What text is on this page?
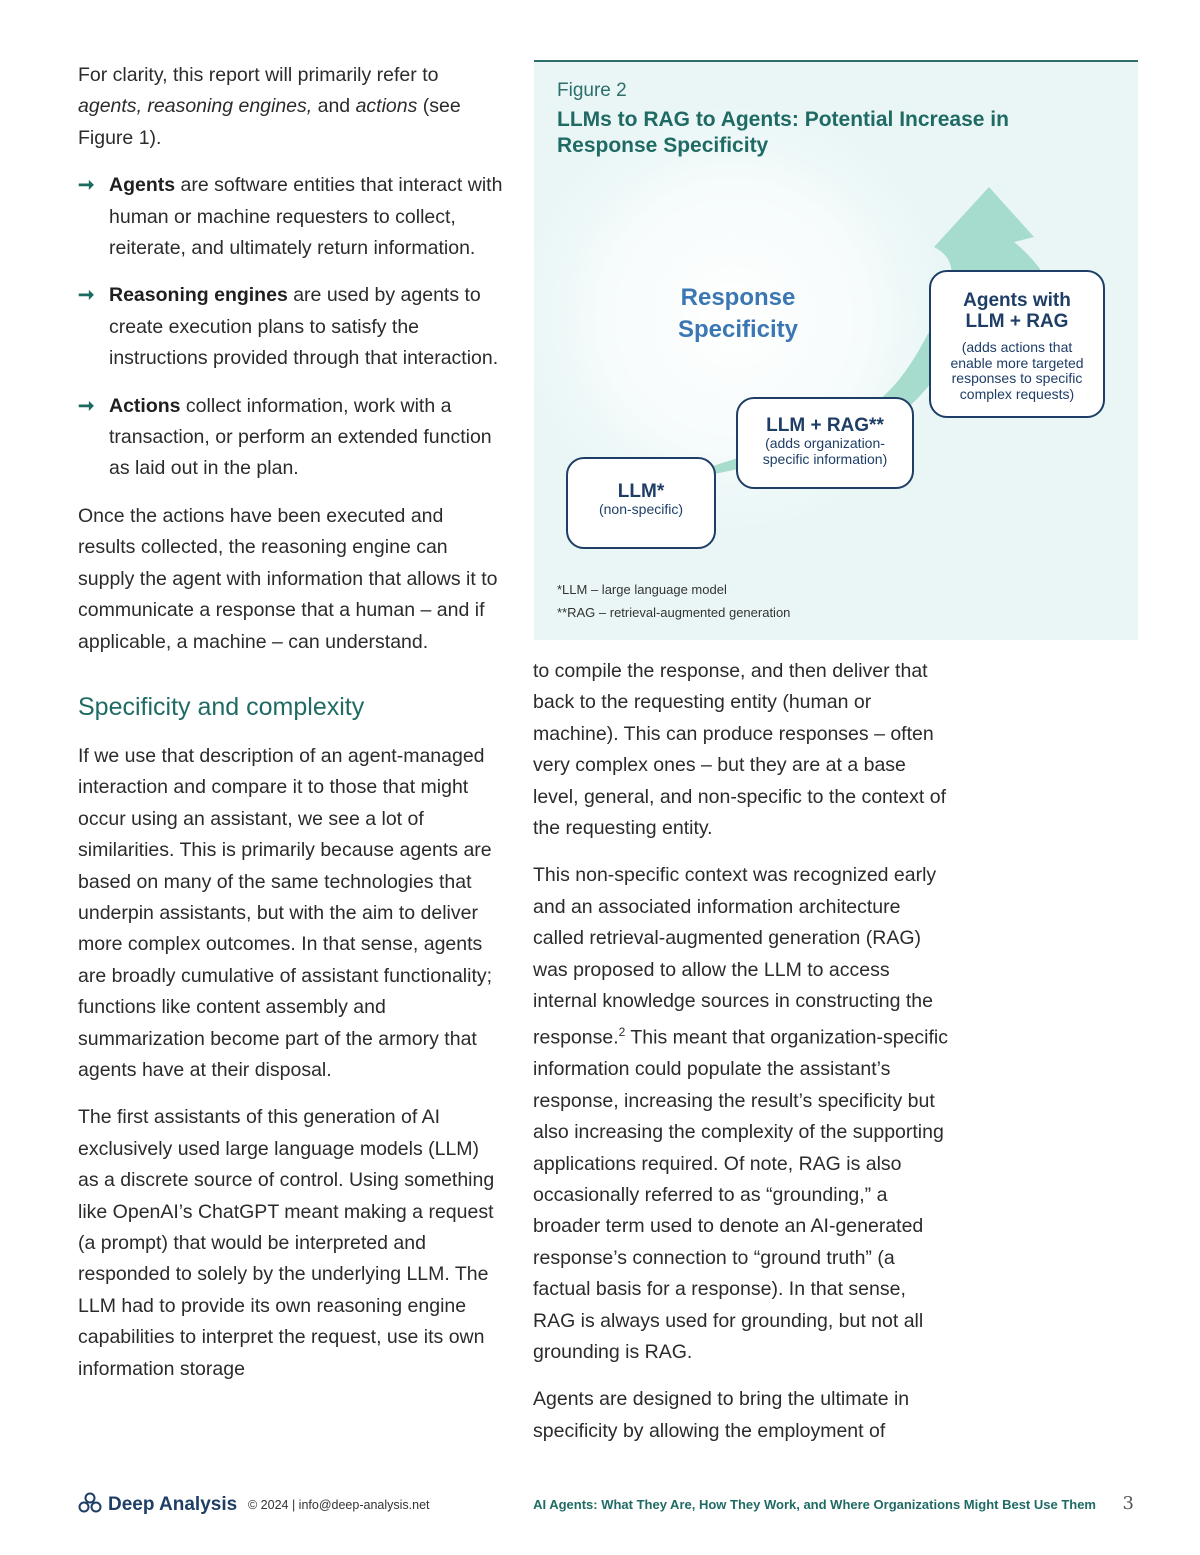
For clarity, this report will primarily refer to agents, reasoning engines, and actions (see Figure 1).

➞ Agents are software entities that interact with human or machine requesters to collect, reiterate, and ultimately return information.
➞ Reasoning engines are used by agents to create execution plans to satisfy the instructions provided through that interaction.
➞ Actions collect information, work with a transaction, or perform an extended function as laid out in the plan.

Once the actions have been executed and results collected, the reasoning engine can supply the agent with information that allows it to communicate a response that a human – and if applicable, a machine – can understand.

Specificity and complexity

If we use that description of an agent-managed interaction and compare it to those that might occur using an assistant, we see a lot of similarities. This is primarily because agents are based on many of the same technologies that underpin assistants, but with the aim to deliver more complex outcomes. In that sense, agents are broadly cumulative of assistant functionality; functions like content assembly and summarization become part of the armory that agents have at their disposal.

The first assistants of this generation of AI exclusively used large language models (LLM) as a discrete source of control. Using something like OpenAI’s ChatGPT meant making a request (a prompt) that would be interpreted and responded to solely by the underlying LLM. The LLM had to provide its own reasoning engine capabilities to interpret the request, use its own information storage

Figure 2
LLMs to RAG to Agents: Potential Increase in Response Specificity
Response
Specificity
LLM*
(non-specific)
LLM + RAG**
(adds organization-specific information)
Agents with LLM + RAG
(adds actions that enable more targeted responses to specific complex requests)
*LLM – large language model
**RAG – retrieval-augmented generation

to compile the response, and then deliver that back to the requesting entity (human or machine). This can produce responses – often very complex ones – but they are at a base level, general, and non-specific to the context of the requesting entity.

This non-specific context was recognized early and an associated information architecture called retrieval-augmented generation (RAG) was proposed to allow the LLM to access internal knowledge sources in constructing the response.$^2$ This meant that organization-specific information could populate the assistant’s response, increasing the result’s specificity but also increasing the complexity of the supporting applications required. Of note, RAG is also occasionally referred to as “grounding,” a broader term used to denote an AI-generated response’s connection to “ground truth” (a factual basis for a response). In that sense, RAG is always used for grounding, but not all grounding is RAG.

Agents are designed to bring the ultimate in specificity by allowing the employment of

Deep Analysis © 2024 | info@deep-analysis.net	AI Agents: What They Are, How They Work, and Where Organizations Might Best Use Them 3
